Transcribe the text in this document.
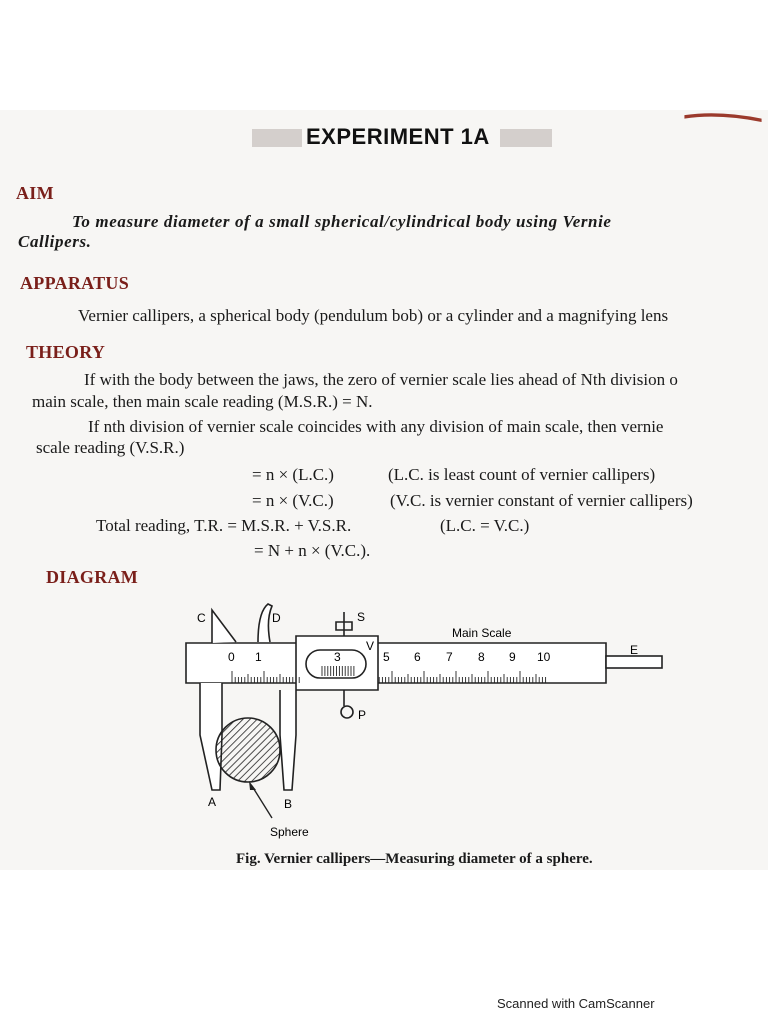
EXPERIMENT 1A
AIM
To measure diameter of a small spherical/cylindrical body using Vernie
Callipers.
APPARATUS
Vernier callipers, a spherical body (pendulum bob) or a cylinder and a magnifying lens
THEORY
If with the body between the jaws, the zero of vernier scale lies ahead of Nth division o
main scale, then main scale reading (M.S.R.) = N.
If nth division of vernier scale coincides with any division of main scale, then vernie
scale reading (V.S.R.)
= n × (L.C.)	(L.C. is least count of vernier callipers)
= n × (V.C.)	(V.C. is vernier constant of vernier callipers)
Total reading, T.R. = M.S.R. + V.S.R.	(L.C. = V.C.)
= N + n × (V.C.).
DIAGRAM
0 1	5 6 7 8 9 10
3
C	D	S
V
Main Scale
E
P
A	B
Sphere
Fig. Vernier callipers—Measuring diameter of a sphere.
Scanned with CamScanner
